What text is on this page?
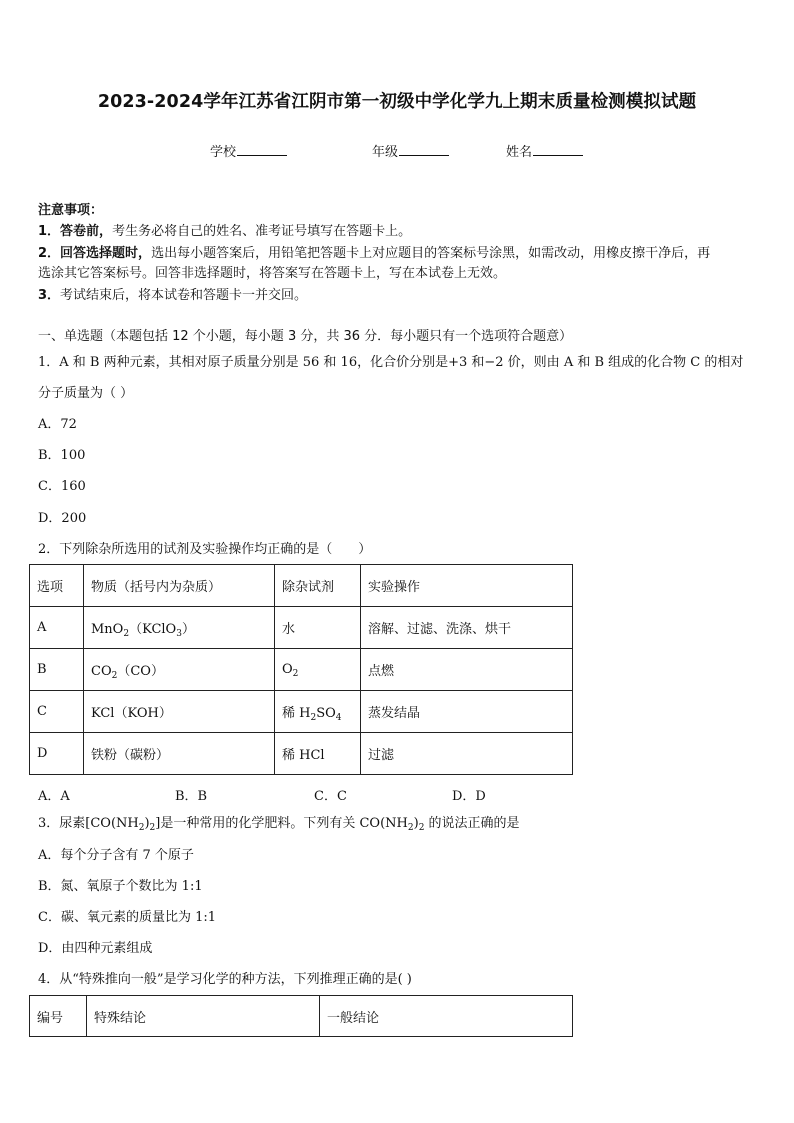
2023-2024学年江苏省江阴市第一初级中学化学九上期末质量检测模拟试题
学校	年级	姓名
注意事项：
1．答卷前，考生务必将自己的姓名、准考证号填写在答题卡上。
2．回答选择题时，选出每小题答案后，用铅笔把答题卡上对应题目的答案标号涂黑，如需改动，用橡皮擦干净后，再
选涂其它答案标号。回答非选择题时，将答案写在答题卡上，写在本试卷上无效。
3．考试结束后，将本试卷和答题卡一并交回。
一、单选题（本题包括 12 个小题，每小题 3 分，共 36 分．每小题只有一个选项符合题意）
1．A 和 B 两种元素，其相对原子质量分别是 56 和 16，化合价分别是+3 和−2 价，则由 A 和 B 组成的化合物 C 的相对
分子质量为（ ）
A．72
B．100
C．160
D．200
2．下列除杂所选用的试剂及实验操作均正确的是（　　）
选项	物质（括号内为杂质）	除杂试剂	实验操作
A	MnO$_2$（KClO$_3$）	水	溶解、过滤、洗涤、烘干
B	$CO_2(CO)$	$O_2$	点燃
C	KCl（KOH）	稀 $H_2SO_4$	蒸发结晶
D	铁粉（碳粉）	稀 HCl	过滤
A．A	B．B	C．C	D．D
3．尿素$[CO(NH_2)_2]$是一种常用的化学肥料。下列有关 $CO(NH_2)_2$ 的说法正确的是
A．每个分子含有 7 个原子
B．氮、氧原子个数比为 1:1
C．碳、氧元素的质量比为 1:1
D．由四种元素组成
4．从“特殊推向一般”是学习化学的种方法，下列推理正确的是( )
编号	特殊结论	一般结论
